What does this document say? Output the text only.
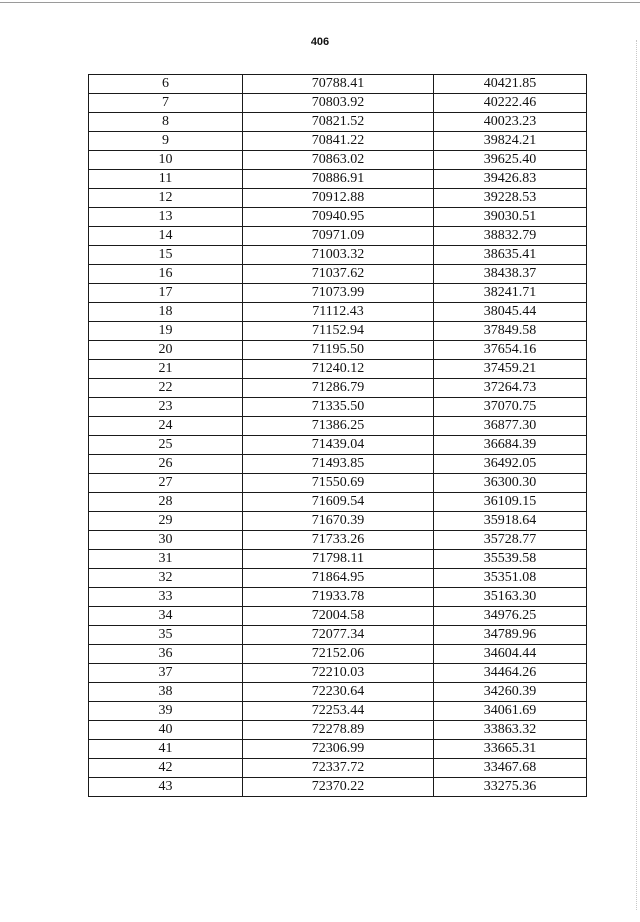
406
6	70788.41	40421.85
7	70803.92	40222.46
8	70821.52	40023.23
9	70841.22	39824.21
10	70863.02	39625.40
11	70886.91	39426.83
12	70912.88	39228.53
13	70940.95	39030.51
14	70971.09	38832.79
15	71003.32	38635.41
16	71037.62	38438.37
17	71073.99	38241.71
18	71112.43	38045.44
19	71152.94	37849.58
20	71195.50	37654.16
21	71240.12	37459.21
22	71286.79	37264.73
23	71335.50	37070.75
24	71386.25	36877.30
25	71439.04	36684.39
26	71493.85	36492.05
27	71550.69	36300.30
28	71609.54	36109.15
29	71670.39	35918.64
30	71733.26	35728.77
31	71798.11	35539.58
32	71864.95	35351.08
33	71933.78	35163.30
34	72004.58	34976.25
35	72077.34	34789.96
36	72152.06	34604.44
37	72210.03	34464.26
38	72230.64	34260.39
39	72253.44	34061.69
40	72278.89	33863.32
41	72306.99	33665.31
42	72337.72	33467.68
43	72370.22	33275.36
